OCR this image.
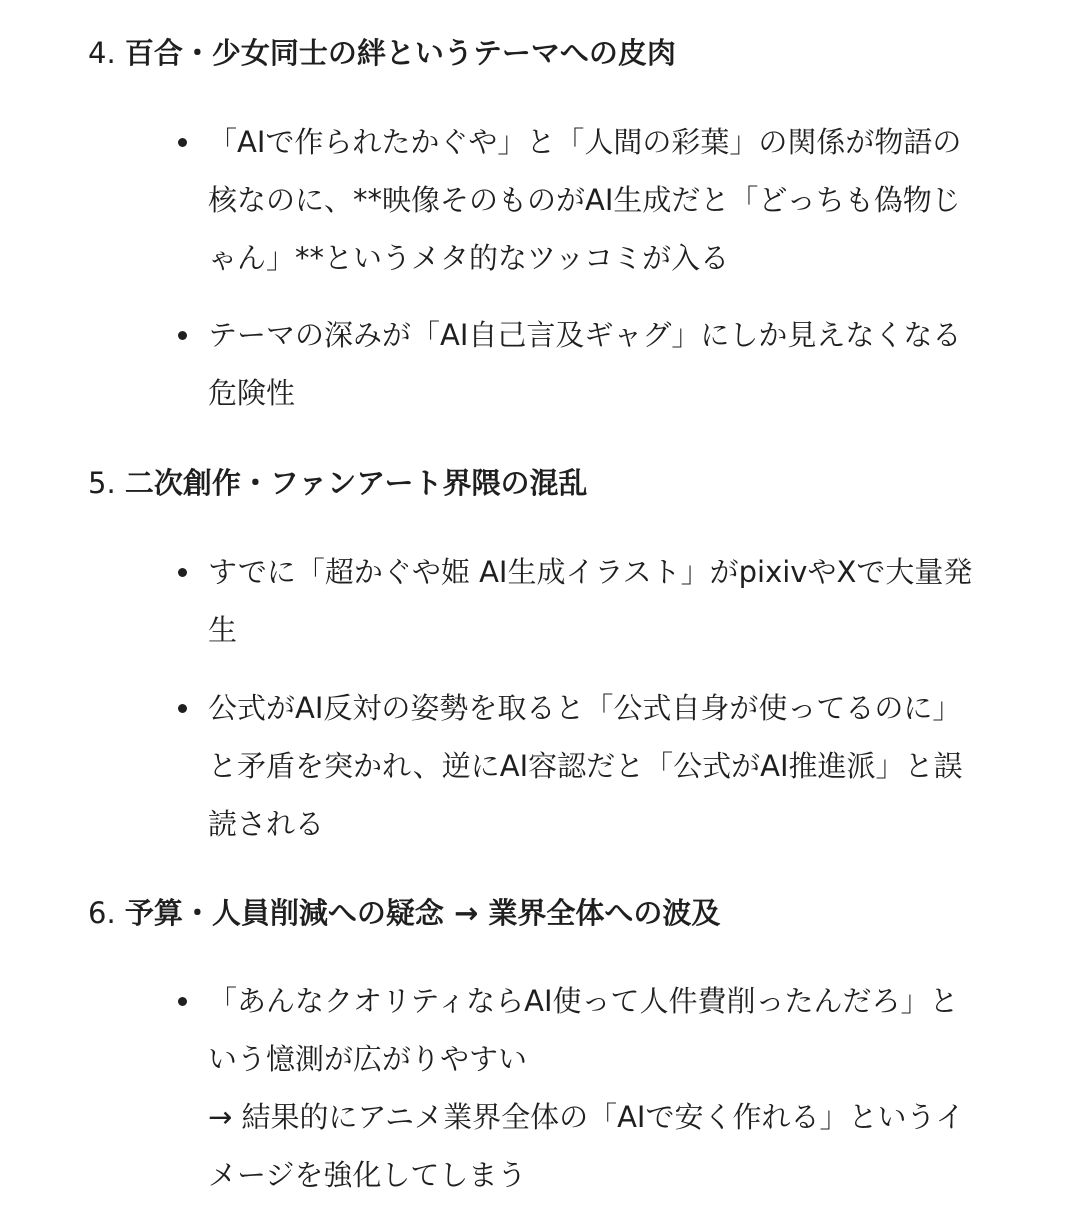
4. 百合・少女同士の絆というテーマへの皮肉
「AIで作られたかぐや」と「人間の彩葉」の関係が物語の
核なのに、**映像そのものがAI生成だと「どっちも偽物じ
ゃん」**というメタ的なツッコミが入る
テーマの深みが「AI自己言及ギャグ」にしか見えなくなる
危険性
5. 二次創作・ファンアート界隈の混乱
すでに「超かぐや姫 AI生成イラスト」がpixivやXで大量発
生
公式がAI反対の姿勢を取ると「公式自身が使ってるのに」
と矛盾を突かれ、逆にAI容認だと「公式がAI推進派」と誤
読される
6. 予算・人員削減への疑念 → 業界全体への波及
「あんなクオリティならAI使って人件費削ったんだろ」と
いう憶測が広がりやすい
→ 結果的にアニメ業界全体の「AIで安く作れる」というイ
メージを強化してしまう
